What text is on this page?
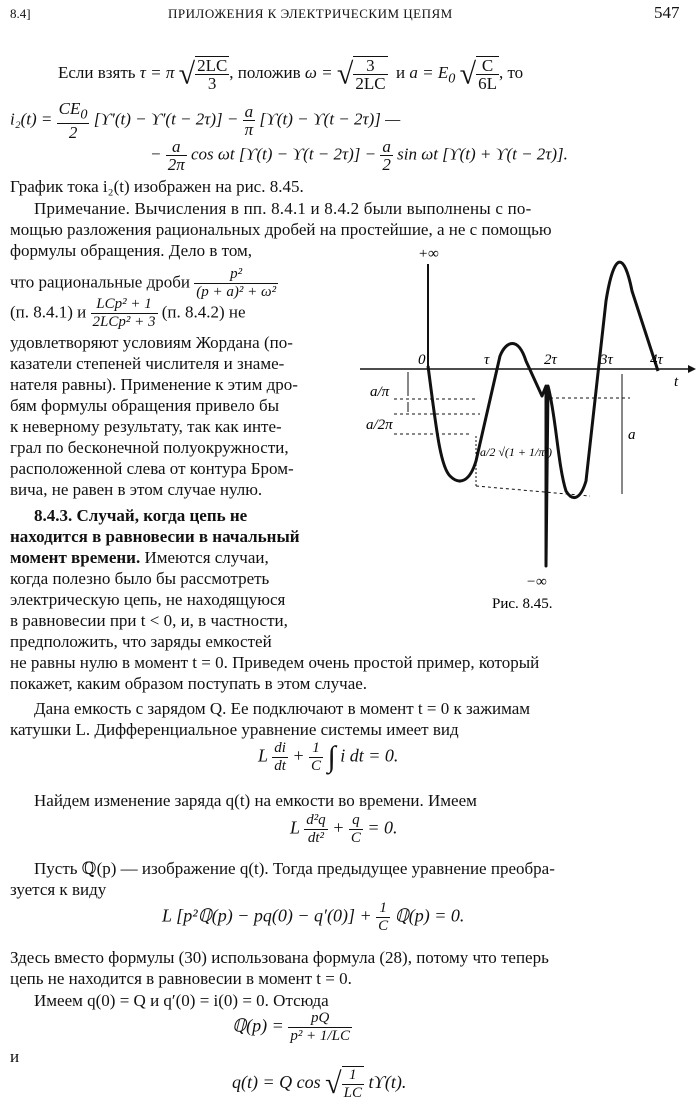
8.4]	ПРИЛОЖЕНИЯ К ЭЛЕКТРИЧЕСКИМ ЦЕПЯМ	547
Если взять τ = π √ $\frac{2LC}{3}$ , положив ω = √ $\frac{3}{2LC}$ и $a = E_0$ √ $\frac{C}{6L}$ , то
$i_2(t) = \frac{CE_0}{2} [ϒ'(t) - ϒ'(t - 2\tau)] - \frac{a}{\pi} [ϒ(t) - ϒ(t - 2\tau)]$ —
− $\frac{a}{2\pi}$ cos ωt $[ϒ(t) - ϒ(t - 2\tau)] - \frac{a}{2}$ sin ωt [ϒ(t) + ϒ(t − 2τ)].
График тока i₂(t) изображен на рис. 8.45.
Примечание. Вычисления в пп. 8.4.1 и 8.4.2 были выполнены с по-
мощью разложения рациональных дробей на простейшие, а не с помощью
формулы обращения. Дело в том,
что рациональные дроби $\frac{\text{p²}}{\text{(p + a)² + ω²}}$
(п. 8.4.1) и $\frac{\text{LCp² + 1}}{\text{2LCp² + 3}} (п$. 8.4.2) не
удовлетворяют условиям Жордана (по-
казатели степеней числителя и знаме-
нателя равны). Применение к этим дро-
бям формулы обращения привело бы
к неверному результату, так как инте-
грал по бесконечной полуокружности,
расположенной слева от контура Бром-
вича, не равен в этом случае нулю.
8.4.3. Случай, когда цепь не
находится в равновесии в начальный
момент времени. Имеются случаи,
когда полезно было бы рассмотреть
электрическую цепь, не находящуюся
в равновесии при t < 0, и, в частности,
предположить, что заряды емкостей
не равны нулю в момент t = 0. Приведем очень простой пример, который
покажет, каким образом поступать в этом случае.
Дана емкость с зарядом Q. Ее подключают в момент t = 0 к зажимам
катушки L. Дифференциальное уравнение системы имеет вид
L $\frac{di}{dt} + \frac{1}{C}$ ∫ i dt = 0.
Найдем изменение заряда q(t) на емкости во времени. Имеем
L $\frac{\text{d²q}}{\text{dt²}} + \frac{q}{C} = 0$.
Пусть ℚ(p) — изображение q(t). Тогда предыдущее уравнение преобра-
зуется к виду
L [p²ℚ(p) − $pq(0) - q'(0)] + \frac{1}{C}$ ℚ(p) = 0.
Здесь вместо формулы (30) использована формула (28), потому что теперь
цепь не находится в равновесии в момент t = 0.
Имеем q(0) = Q и q′(0) = i(0) = 0. Отсюда
ℚ(p) = $\frac{pQ}{\text{p² + 1/LC}}$
и
q(t) = Q cos √ $\frac{1}{LC} tϒ(t)$.
+∞
−∞
t
0	τ	2τ	3τ 4τ
a/π
a/2π
a
a/2 √(1 + 1/π²)
Рис. 8.45.
